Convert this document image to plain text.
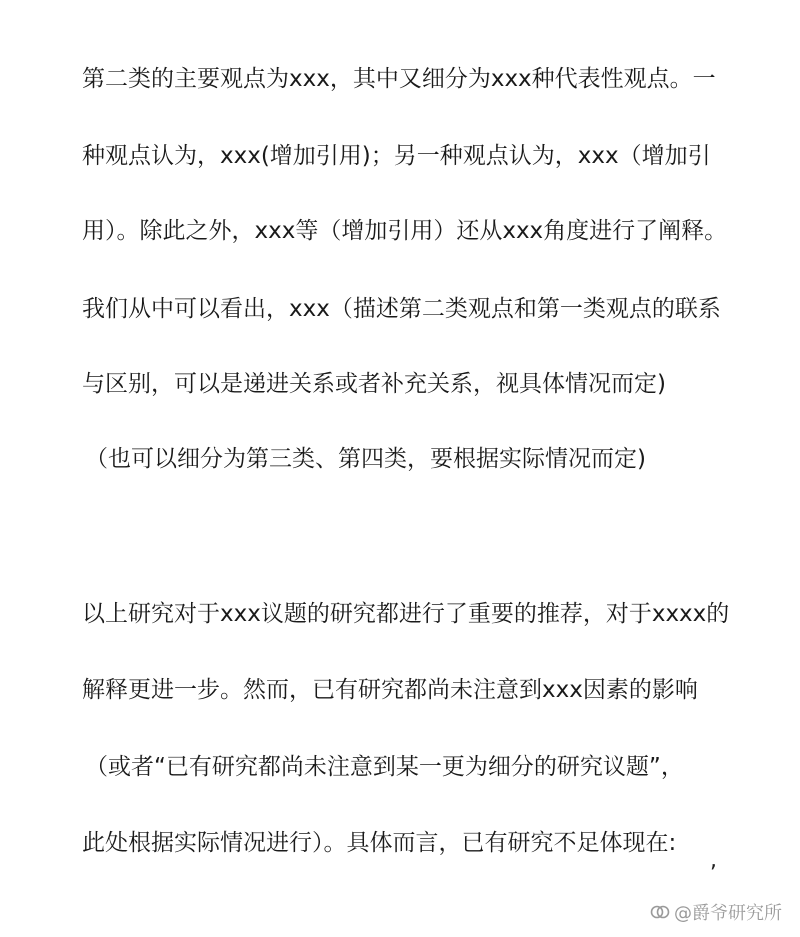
第二类的主要观点为xxx，其中又细分为xxx种代表性观点。一
种观点认为，xxx(增加引用)；另一种观点认为，xxx（增加引
用）。除此之外，xxx等（增加引用）还从xxx角度进行了阐释。
我们从中可以看出，xxx（描述第二类观点和第一类观点的联系
与区别，可以是递进关系或者补充关系，视具体情况而定)
（也可以细分为第三类、第四类，要根据实际情况而定)
以上研究对于xxx议题的研究都进行了重要的推荐，对于xxxx的
解释更进一步。然而，已有研究都尚未注意到xxx因素的影响
（或者“已有研究都尚未注意到某一更为细分的研究议题”，
此处根据实际情况进行）。具体而言，已有研究不足体现在:
,
@爵爷研究所
